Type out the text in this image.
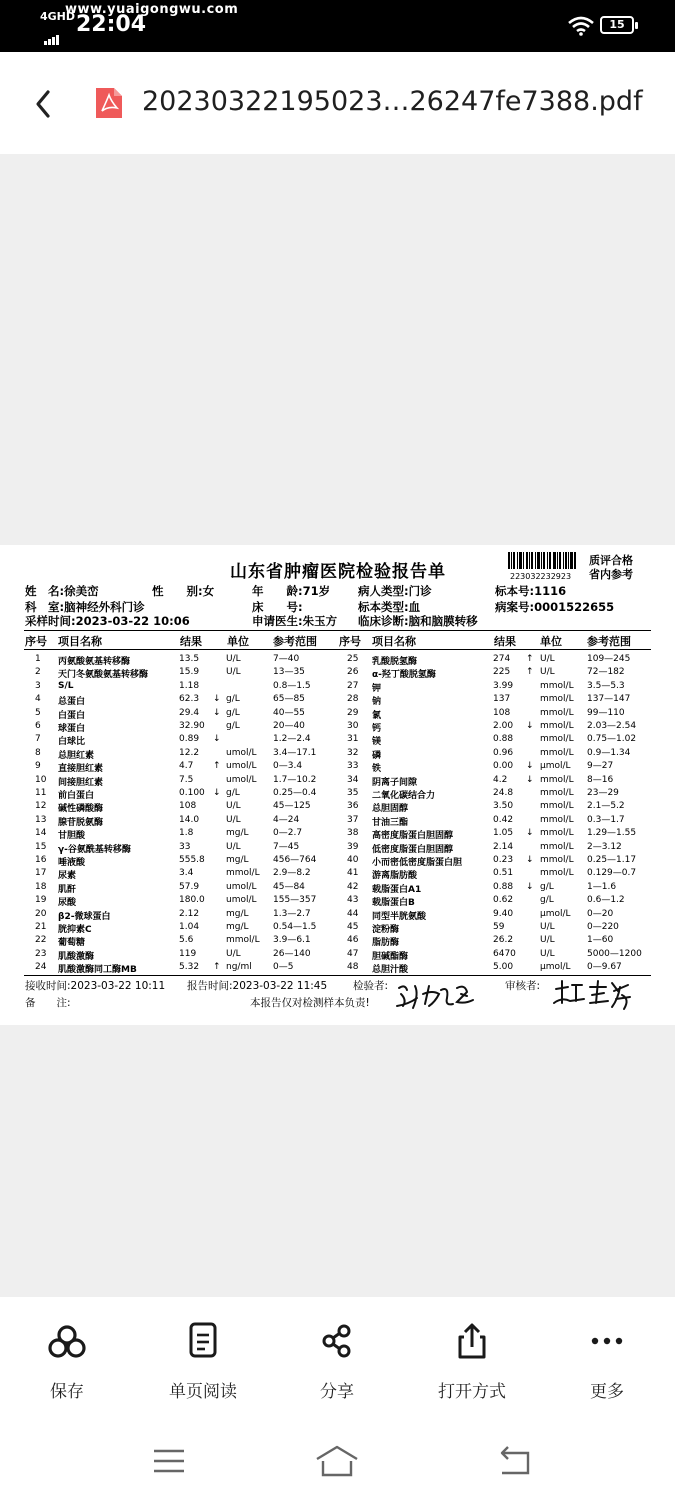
www.yuaigongwu.com
4GHD 22:04	15
20230322195023…26247fe7388.pdf
山东省肿瘤医院检验报告单	223032232923
质评合格
省内参考
姓　名:徐美峦	性　　别:女	年　　龄:71岁 病人类型:门诊	标本号:1116
科　室:脑神经外科门诊	床　　号:	标本类型:血	病案号:0001522655
采样时间:2023-03-22 10:06	申请医生:朱玉方 临床诊断:脑和脑膜转移
序号 项目名称	结果 单位 参考范围 序号 项目名称	结果 单位 参考范围
1 丙氨酸氨基转移酶	13.5	U/L	7—40
2 天门冬氨酸氨基转移酶	15.9	U/L	13—35
3 S/L	1.18	0.8—1.5
4 总蛋白	62.3 ↓ g/L	65—85
5 白蛋白	29.4 ↓ g/L	40—55
6 球蛋白	32.90 g/L	20—40
7 白球比	0.89 ↓	1.2—2.4
8 总胆红素	12.2	umol/L 3.4—17.1
9 直接胆红素	4.7 ↑ umol/L 0—3.4
10 间接胆红素	7.5	umol/L 1.7—10.2
11 前白蛋白	0.100 ↓ g/L	0.25—0.4
12 碱性磷酸酶	108	U/L	45—125
13 腺苷脱氨酶	14.0	U/L	4—24
14 甘胆酸	1.8	mg/L	0—2.7
15 γ-谷氨酰基转移酶	33	U/L	7—45
16 唾液酸	555.8 mg/L	456—764
17 尿素	3.4	mmol/L 2.9—8.2
18 肌酐	57.9	umol/L 45—84
19 尿酸	180.0 umol/L 155—357
20 β2-微球蛋白	2.12	mg/L	1.3—2.7
21 胱抑素C	1.04	mg/L	0.54—1.5
22 葡萄糖	5.6	mmol/L 3.9—6.1
23 肌酸激酶	119	U/L	26—140
24 肌酸激酶同工酶MB	5.32 ↑ ng/ml 0—5
25 乳酸脱氢酶	274 ↑ U/L	109—245
26 α-羟丁酸脱氢酶	225 ↑ U/L	72—182
27 钾	3.99	mmol/L 3.5—5.3
28 钠	137	mmol/L 137—147
29 氯	108	mmol/L 99—110
30 钙	2.00 ↓ mmol/L 2.03—2.54
31 镁	0.88	mmol/L 0.75—1.02
32 磷	0.96	mmol/L 0.9—1.34
33 铁	0.00 ↓ μmol/L 9—27
34 阴离子间隙	4.2 ↓ mmol/L 8—16
35 二氧化碳结合力	24.8	mmol/L 23—29
36 总胆固醇	3.50	mmol/L 2.1—5.2
37 甘油三酯	0.42	mmol/L 0.3—1.7
38 高密度脂蛋白胆固醇	1.05 ↓ mmol/L 1.29—1.55
39 低密度脂蛋白胆固醇	2.14	mmol/L 2—3.12
40 小而密低密度脂蛋白胆	0.23 ↓ mmol/L 0.25—1.17
41 游离脂肪酸	0.51	mmol/L 0.129—0.7
42 载脂蛋白A1	0.88 ↓ g/L	1—1.6
43 载脂蛋白B	0.62	g/L	0.6—1.2
44 同型半胱氨酸	9.40	μmol/L 0—20
45 淀粉酶	59	U/L	0—220
46 脂肪酶	26.2	U/L	1—60
47 胆碱酯酶	6470	U/L	5000—1200
48 总胆汁酸	5.00	μmol/L 0—9.67
接收时间:2023-03-22 10:11 报告时间:2023-03-22 11:45 检验者:	审核者:
备　　注:	本报告仅对检测样本负责!
保存	单页阅读	分享	打开方式	更多
